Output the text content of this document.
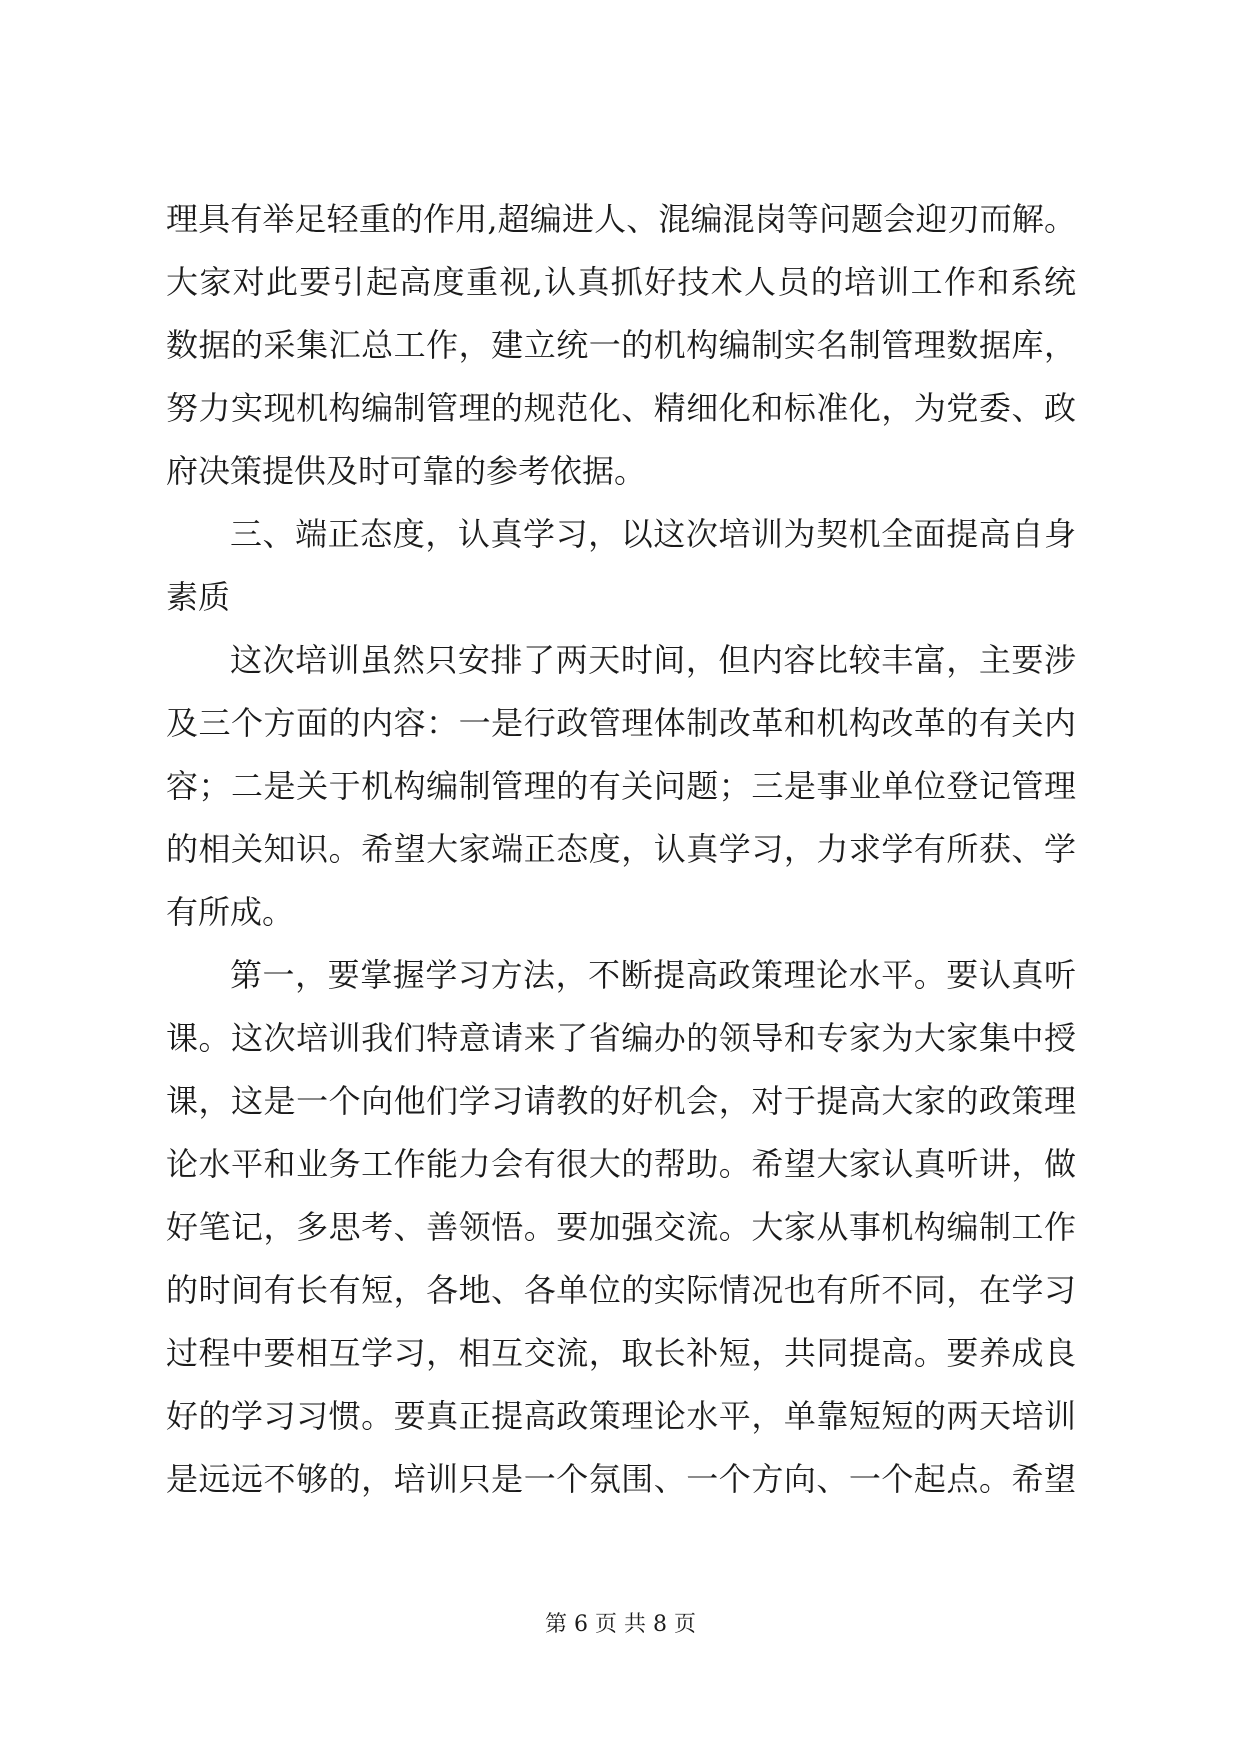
理具有举足轻重的作用,超编进人、混编混岗等问题会迎刃而解。
大家对此要引起高度重视,认真抓好技术人员的培训工作和系统
数据的采集汇总工作，建立统一的机构编制实名制管理数据库，
努力实现机构编制管理的规范化、精细化和标准化，为党委、政
府决策提供及时可靠的参考依据。
三、端正态度，认真学习，以这次培训为契机全面提高自身
素质
这次培训虽然只安排了两天时间，但内容比较丰富，主要涉
及三个方面的内容：一是行政管理体制改革和机构改革的有关内
容；二是关于机构编制管理的有关问题；三是事业单位登记管理
的相关知识。希望大家端正态度，认真学习，力求学有所获、学
有所成。
第一，要掌握学习方法，不断提高政策理论水平。要认真听
课。这次培训我们特意请来了省编办的领导和专家为大家集中授
课，这是一个向他们学习请教的好机会，对于提高大家的政策理
论水平和业务工作能力会有很大的帮助。希望大家认真听讲，做
好笔记，多思考、善领悟。要加强交流。大家从事机构编制工作
的时间有长有短，各地、各单位的实际情况也有所不同，在学习
过程中要相互学习，相互交流，取长补短，共同提高。要养成良
好的学习习惯。要真正提高政策理论水平，单靠短短的两天培训
是远远不够的，培训只是一个氛围、一个方向、一个起点。希望
第 6 页 共 8 页
